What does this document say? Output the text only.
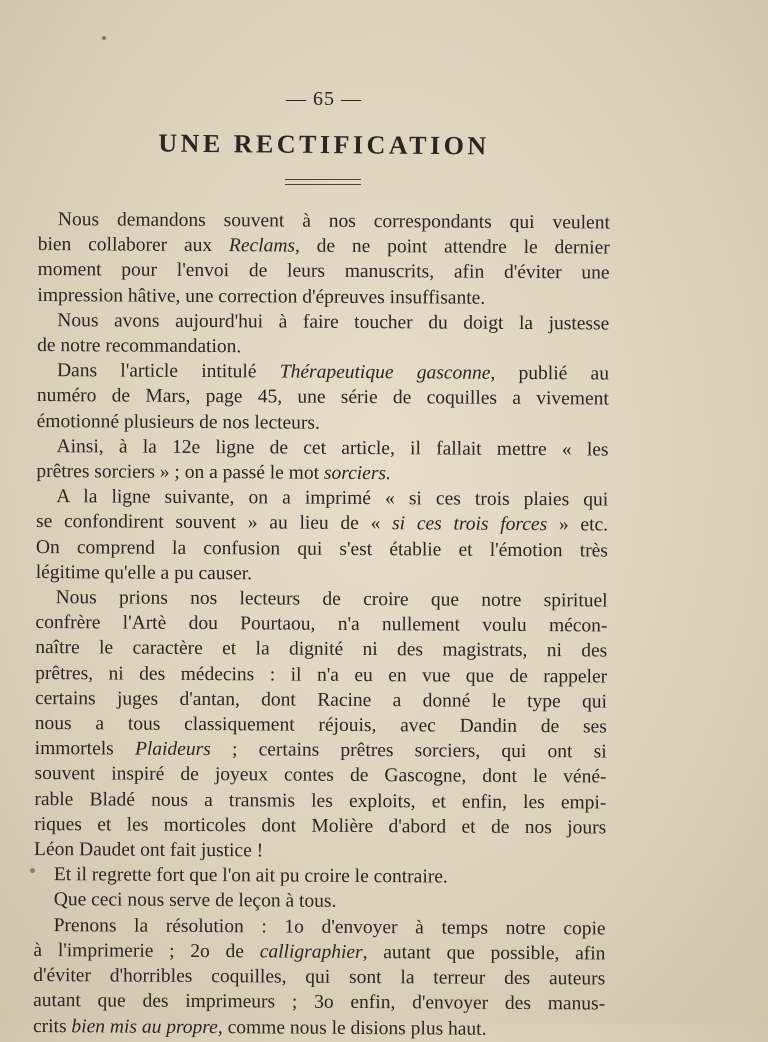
— 65 —
UNE RECTIFICATION
Nous demandons souvent à nos correspondants qui veulent
bien collaborer aux Reclams, de ne point attendre le dernier
moment pour l'envoi de leurs manuscrits, afin d'éviter une
impression hâtive, une correction d'épreuves insuffisante.
Nous avons aujourd'hui à faire toucher du doigt la justesse
de notre recommandation.
Dans l'article intitulé Thérapeutique gasconne, publié au
numéro de Mars, page 45, une série de coquilles a vivement
émotionné plusieurs de nos lecteurs.
Ainsi, à la 12e ligne de cet article, il fallait mettre « les
prêtres sorciers » ; on a passé le mot sorciers.
A la ligne suivante, on a imprimé « si ces trois plaies qui
se confondirent souvent » au lieu de « si ces trois forces » etc.
On comprend la confusion qui s'est établie et l'émotion très
légitime qu'elle a pu causer.
Nous prions nos lecteurs de croire que notre spirituel
confrère l'Artè dou Pourtaou, n'a nullement voulu mécon-
naître le caractère et la dignité ni des magistrats, ni des
prêtres, ni des médecins : il n'a eu en vue que de rappeler
certains juges d'antan, dont Racine a donné le type qui
nous a tous classiquement réjouis, avec Dandin de ses
immortels Plaideurs ; certains prêtres sorciers, qui ont si
souvent inspiré de joyeux contes de Gascogne, dont le véné-
rable Bladé nous a transmis les exploits, et enfin, les empi-
riques et les morticoles dont Molière d'abord et de nos jours
Léon Daudet ont fait justice !
Et il regrette fort que l'on ait pu croire le contraire.
Que ceci nous serve de leçon à tous.
Prenons la résolution : 1o d'envoyer à temps notre copie
à l'imprimerie ; 2o de calligraphier, autant que possible, afin
d'éviter d'horribles coquilles, qui sont la terreur des auteurs
autant que des imprimeurs ; 3o enfin, d'envoyer des manus-
crits bien mis au propre, comme nous le disions plus haut.
